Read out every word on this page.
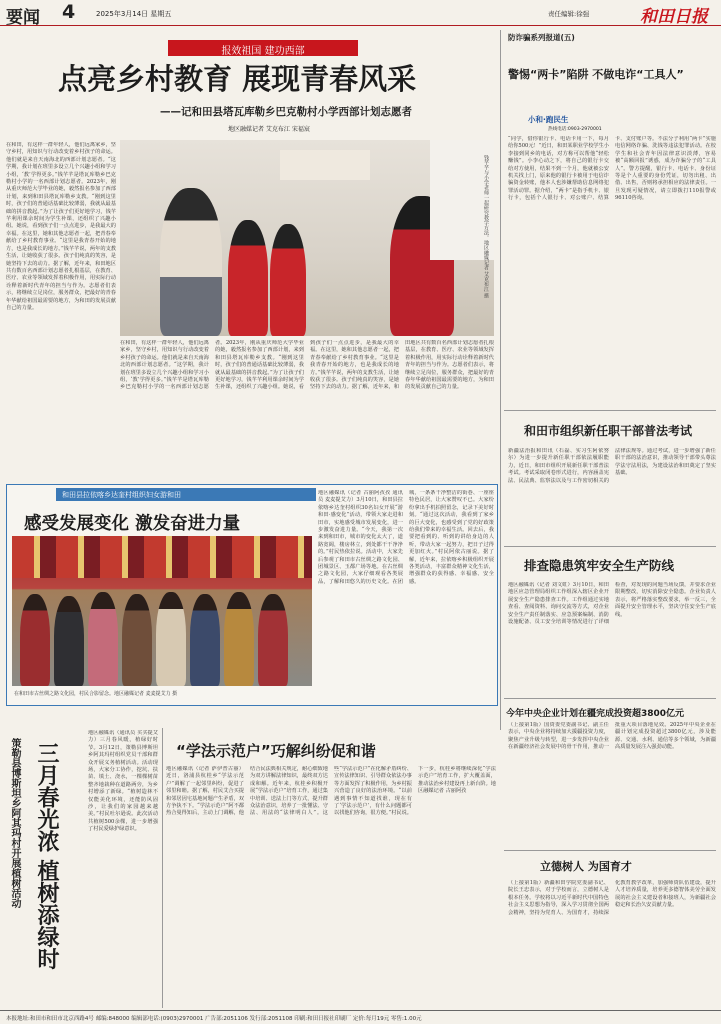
要闻 4	2025年3月14日 星期五	责任编辑:徐强	和田日报
报效祖国 建功西部
点亮乡村教育 展现青春风采
——记和田县塔瓦库勒乡巴克勒村小学西部计划志愿者
地区融媒记者 艾克布江 宋福宸
在和田，有这样一群年轻人，他们远离家乡，坚守乡村，用知识与行动改变着乡村孩子的命运。他们就是来自天南海北的西部计划志愿者。“这学期，我计划在班里多设立几个兴趣小组和学习小组，‘教’学得更多。”钱芊芊是塔瓦库勒乡巴克勒村小学的一名西部计划志愿者。2023年，刚从重庆师范大学毕业的她，毅然报名参加了西部计划，来到和田县塔瓦库勒乡支教。“刚到这里时，孩子们的普通话基础比较薄弱，我就从最基础的拼音教起。”为了让孩子们更好地学习，钱芊芊利用课余时间为学生补课，还组织了兴趣小组。她说，看到孩子们一点点进步，是我最大的幸福。在这里，她和其他志愿者一起，把青春奉献给了乡村教育事业。“这里是我青春开始的地方，也是我成长的地方。”钱芊芊说，两年的支教生活，让她收获了很多。孩子们纯真的笑容，是她坚持下去的动力。据了解，近年来，和田地区共有数百名西部计划志愿者扎根基层，在教育、医疗、农业等领域发挥着积极作用，用实际行动诠释着新时代青年的担当与作为。志愿者们表示，将继续立足岗位，服务群众，把最好的青春年华献给祖国最需要的地方，为和田的发展贡献自己的力量。
钱芊芊与小学老师一起研究教学方法。地区融媒记者 艾克布江 摄
在和田，有这样一群年轻人，他们远离家乡，坚守乡村，用知识与行动改变着乡村孩子的命运。他们就是来自天南海北的西部计划志愿者。“这学期，我计划在班里多设立几个兴趣小组和学习小组，‘教’学得更多。”钱芊芊是塔瓦库勒乡巴克勒村小学的一名西部计划志愿者。2023年，刚从重庆师范大学毕业的她，毅然报名参加了西部计划，来到和田县塔瓦库勒乡支教。“刚到这里时，孩子们的普通话基础比较薄弱，我就从最基础的拼音教起。”为了让孩子们更好地学习，钱芊芊利用课余时间为学生补课，还组织了兴趣小组。她说，看到孩子们一点点进步，是我最大的幸福。在这里，她和其他志愿者一起，把青春奉献给了乡村教育事业。“这里是我青春开始的地方，也是我成长的地方。”钱芊芊说，两年的支教生活，让她收获了很多。孩子们纯真的笑容，是她坚持下去的动力。据了解，近年来，和田地区共有数百名西部计划志愿者扎根基层，在教育、医疗、农业等领域发挥着积极作用，用实际行动诠释着新时代青年的担当与作为。志愿者们表示，将继续立足岗位，服务群众，把最好的青春年华献给祖国最需要的地方，为和田的发展贡献自己的力量。
防诈骗系列报道(五)
警惕“两卡”陷阱 不做电诈“工具人”
小和·跑民生
热线电话:0903-2970001
“同学，借你银行卡、电话卡用一下，每月给你500元！”近日，和田某职业学校学生小李接到同乡的电话，对方称可以帮他“轻松赚钱”。小李心动之下，将自己的银行卡交给对方使用，结果不到一个月，他就被公安机关找上门，原来他的银行卡被用于电信诈骗资金转账，他本人也涉嫌帮助信息网络犯罪活动罪。据介绍，“两卡”是指手机卡、银行卡，包括个人银行卡、对公账户、结算卡、支付账户等。不法分子利用“两卡”实施电信网络诈骗、洗钱等违法犯罪活动。在校学生和社会青年因法律意识淡薄，容易被“高额回报”诱惑，成为诈骗分子的“工具人”。警方提醒，银行卡、电话卡、身份证等是个人重要的身份凭证，切勿出租、出借、出售，否则将承担相应的法律责任。一旦发现可疑情况，请立即拨打110报警或96110咨询。
和田市组织新任职干部普法考试
新疆法治报和田讯（石磊、实习生阿依努尔）为进一步提升新任职干部依法履职能力，近日，和田市组织开展新任职干部普法考试。考试采取闭卷形式进行，内容涵盖宪法、民法典、监察法以及与工作密切相关的法律法规等。通过考试，进一步增强了新任职干部的法治意识，推动领导干部带头尊法学法守法用法，为建设法治和田奠定了坚实基础。
排查隐患筑牢安全生产防线
地区融媒讯（记者 刘文虹）3月10日，和田地区应急管理局组织工作组深入辖区企业开展安全生产隐患排查工作。工作组通过实地查看、查阅资料、询问交流等方式，对企业安全生产责任制落实、应急预案编制、消防设施配备、员工安全培训等情况进行了详细检查，对发现的问题当场反馈，并要求企业限期整改，切实消除安全隐患。企业负责人表示，将严格落实整改要求，举一反三，全面提升安全管理水平，坚决守住安全生产底线。
今年中央企业计划在疆完成投资超3800亿元
（上接第1版）国资委党委副书记、副主任表示，中央企业将持续加大援疆投资力度，聚焦产业升级与转型，进一步发挥中央企业在新疆经济社会发展中的骨干作用，推动一批重大项目落地见效。2025年中央企业在疆计划完成投资超过3800亿元，涉及能源、交通、水利、通信等多个领域，为新疆高质量发展注入强劲动能。
立德树人 为国育才
（上接第1版）新疆和田学院党委副书记、院长王忠表示，对于学校而言，立德树人是根本任务。学校将以习近平新时代中国特色社会主义思想为指导，深入学习贯彻全国两会精神，坚持为党育人、为国育才，持续深化教育教学改革，加强师资队伍建设，提升人才培养质量，培养更多德智体美劳全面发展的社会主义建设者和接班人，为新疆社会稳定和长治久安贡献力量。
和田县拉依喀乡达奎村组织妇女游和田
感受发展变化 激发奋进力量
在和田市古丝绸之路文化园，村民合影留念。地区融媒记者 麦麦提艾力 摄
地区融媒讯（记者 古丽阿孜孜 通讯员 麦麦提艾力）3月10日，和田县拉依喀乡达奎村组织30名妇女开展“游和田·感变化”活动，带领大家走进和田市，实地感受城市发展变化，进一步激发奋进力量。“今天，我第一次来到和田市，城市的变化太大了，道路宽阔，楼房林立，到处都干干净净的。”村民热依拉说。活动中，大家先后参观了和田市古丝绸之路文化园、团城景区、玉都广场等地。在古丝绸之路文化园，大家仔细观看各类展品，了解和田悠久的历史文化。在团城，一条条干净整洁的街巷、一座座特色民居，让大家赞叹不已。大家纷纷拿出手机拍照留念，记录下美好时刻。“通过这次活动，我看到了家乡的巨大变化，也感受到了党的好政策给我们带来的幸福生活。回去后，我要把看到的、听到的讲给身边的人听，带动大家一起努力，把日子过得更加红火。”村民阿依古丽说。据了解，近年来，拉依喀乡积极组织开展各类活动，丰富群众精神文化生活，增强群众的获得感、幸福感、安全感。
策勒县博斯坦乡阿其玛村开展植树活动 三月春光浓 植树添绿时
地区融媒讯（通讯员 买买提艾力）三月春风暖，植绿好时节。3月12日，策勒县博斯坦乡阿其玛村组织党员干部和群众开展义务植树活动。活动现场，大家分工协作，挖坑、扶苗、填土、浇水，一棵棵树苗整齐地栽种在道路两旁，为乡村增添了新绿。“植树造林不仅能美化环境，还能防风固沙，让我们的家园越来越美。”村民吐尔逊说。此次活动共植树500余棵，进一步增强了村民爱绿护绿意识。
“学法示范户”巧解纠纷促和谐
地区融媒讯（记者 萨伊普古丽）近日，洛浦县杭桂乡“学法示范户”调解了一起邻里纠纷，促进了邻里和睦。据了解，村民艾合买提和邻居因宅基地问题产生矛盾，双方争执不下。“学法示范户”阿不都热合曼得知后，主动上门调解，他结合民法典相关规定，耐心细致地为双方讲解法律知识，最终双方达成和解。近年来，杭桂乡积极开展“学法示范户”培育工作，通过集中培训、送法上门等方式，提升群众法治意识，培养了一批懂法、守法、用法的“法律明白人”。这些“学法示范户”在化解矛盾纠纷、宣传法律知识、引导群众依法办事等方面发挥了积极作用，为乡村振兴营造了良好的法治环境。“以前遇到事情不知道找谁，现在有了‘学法示范户’，有什么问题都可以找他们咨询，很方便。”村民说。下一步，杭桂乡将继续深化“学法示范户”培育工作，扩大覆盖面，推动法治乡村建设再上新台阶。地区融媒记者 古丽阿孜
本报地址:和田市和田市北京西路4号 邮编:848000 编辑部电话:(0903)2970001 广告部:2051106 发行部:2051108 印刷:和田日报社印刷厂 定价:每月19元 零售:1.00元
